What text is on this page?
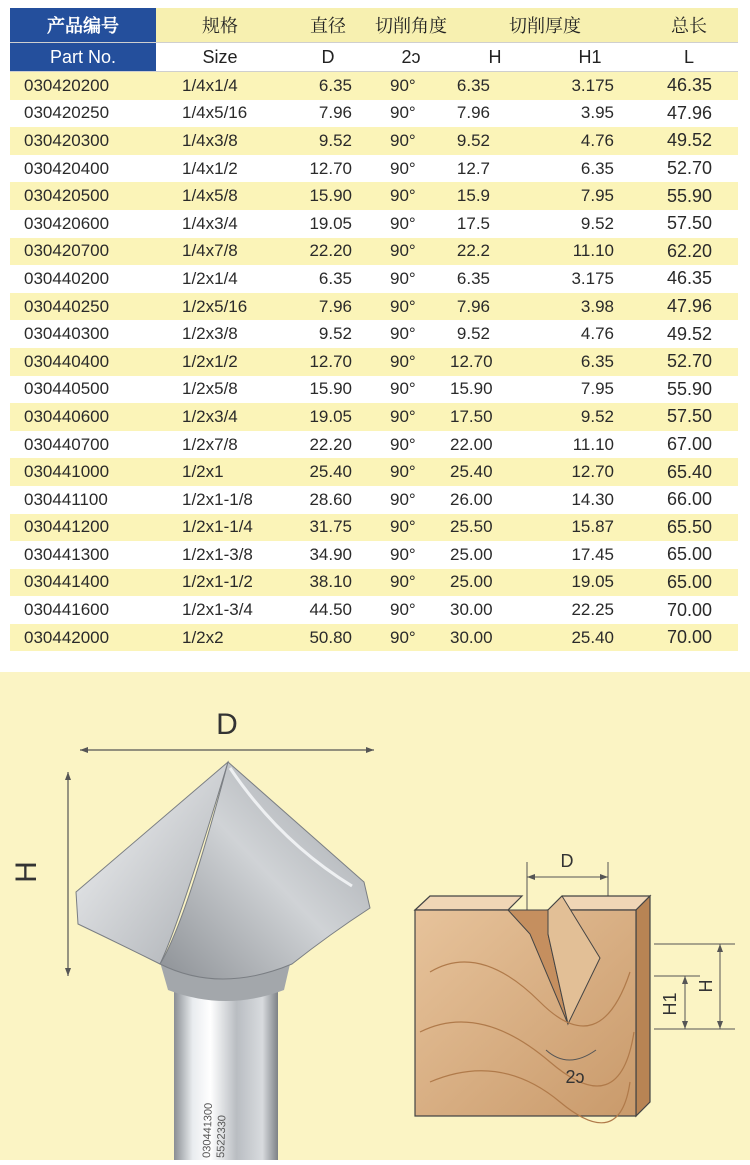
产品编号	规格	直径	切削角度	切削厚度		总长
Part No.	Size	D	2ↄ	H	H1	L
030420200	1/4x1/4	6.35	90°	6.35	3.175	46.35
030420250	1/4x5/16	7.96	90°	7.96	3.95	47.96
030420300	1/4x3/8	9.52	90°	9.52	4.76	49.52
030420400	1/4x1/2	12.70	90°	12.7	6.35	52.70
030420500	1/4x5/8	15.90	90°	15.9	7.95	55.90
030420600	1/4x3/4	19.05	90°	17.5	9.52	57.50
030420700	1/4x7/8	22.20	90°	22.2	11.10	62.20
030440200	1/2x1/4	6.35	90°	6.35	3.175	46.35
030440250	1/2x5/16	7.96	90°	7.96	3.98	47.96
030440300	1/2x3/8	9.52	90°	9.52	4.76	49.52
030440400	1/2x1/2	12.70	90°	12.70	6.35	52.70
030440500	1/2x5/8	15.90	90°	15.90	7.95	55.90
030440600	1/2x3/4	19.05	90°	17.50	9.52	57.50
030440700	1/2x7/8	22.20	90°	22.00	11.10	67.00
030441000	1/2x1	25.40	90°	25.40	12.70	65.40
030441100	1/2x1-1/8	28.60	90°	26.00	14.30	66.00
030441200	1/2x1-1/4	31.75	90°	25.50	15.87	65.50
030441300	1/2x1-3/8	34.90	90°	25.00	17.45	65.00
030441400	1/2x1-1/2	38.10	90°	25.00	19.05	65.00
030441600	1/2x1-3/4	44.50	90°	30.00	22.25	70.00
030442000	1/2x2	50.80	90°	30.00	25.40	70.00
D
H
030441300 5522330
D
H
H1
2ↄ
